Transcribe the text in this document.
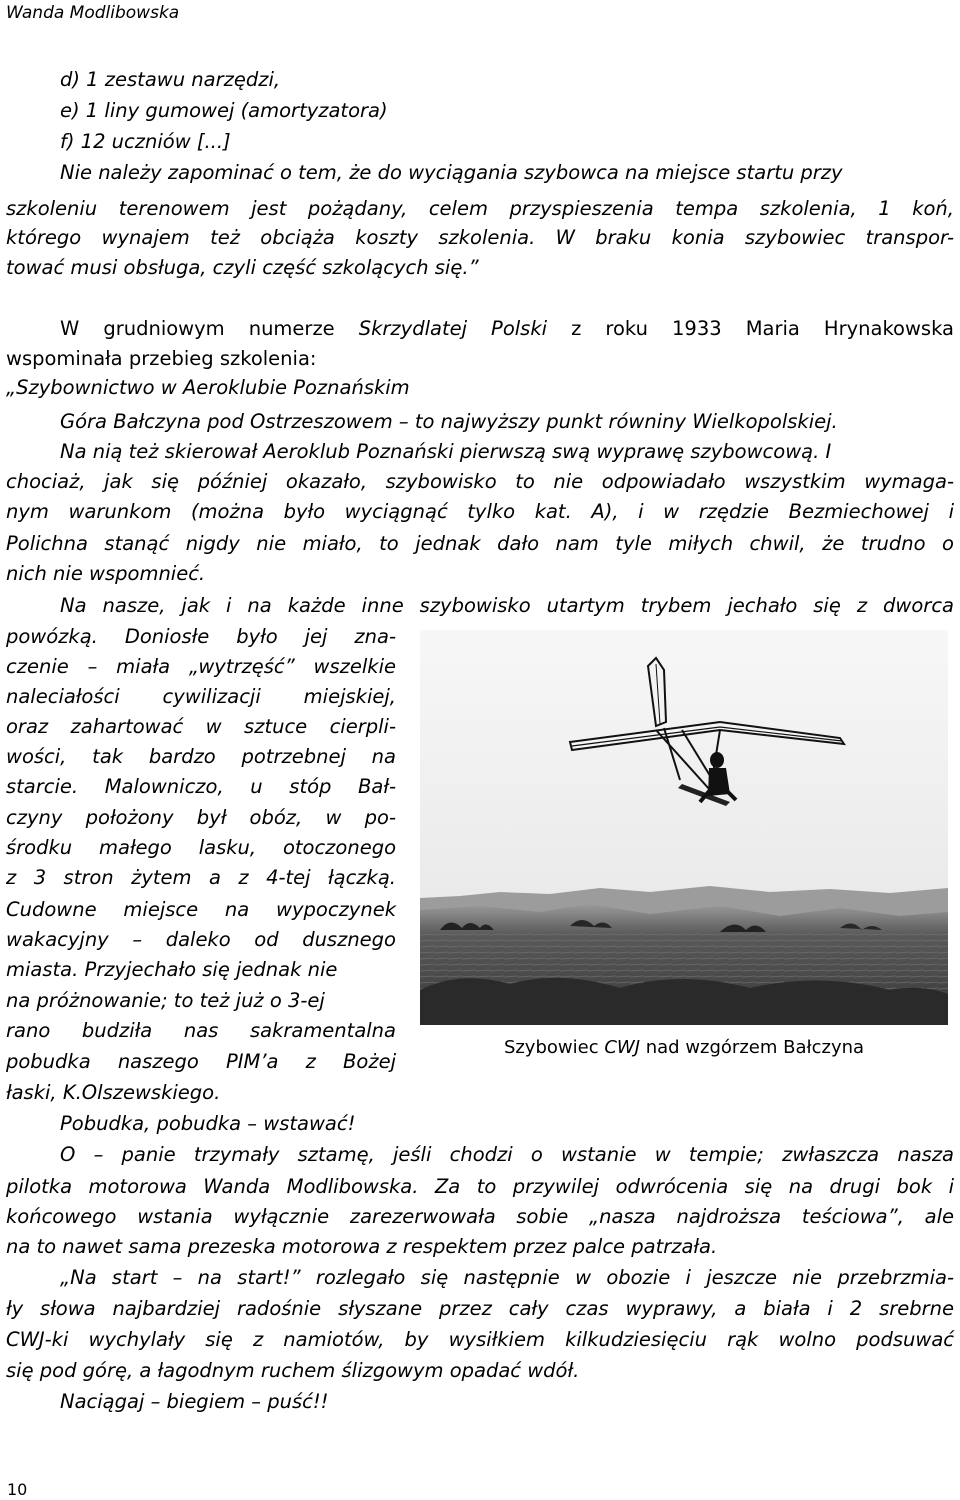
Wanda Modlibowska
d) 1 zestawu narzędzi,
e) 1 liny gumowej (amortyzatora)
f) 12 uczniów [...]
Nie należy zapominać o tem, że do wyciągania szybowca na miejsce startu przy
szkoleniu terenowem jest pożądany, celem przyspieszenia tempa szkolenia, 1 koń,
którego wynajem też obciąża koszty szkolenia. W braku konia szybowiec transpor-
tować musi obsługa, czyli część szkolących się.”
W grudniowym numerze Skrzydlatej Polski z roku 1933 Maria Hrynakowska
wspominała przebieg szkolenia:
„Szybownictwo w Aeroklubie Poznańskim
Góra Bałczyna pod Ostrzeszowem – to najwyższy punkt równiny Wielkopolskiej.
Na nią też skierował Aeroklub Poznański pierwszą swą wyprawę szybowcową. I
chociaż, jak się później okazało, szybowisko to nie odpowiadało wszystkim wymaga-
nym warunkom (można było wyciągnąć tylko kat. A), i w rzędzie Bezmiechowej i
Polichna stanąć nigdy nie miało, to jednak dało nam tyle miłych chwil, że trudno o
nich nie wspomnieć.
Na nasze, jak i na każde inne szybowisko utartym trybem jechało się z dworca
powózką. Doniosłe było jej zna-
czenie – miała „wytrzęść” wszelkie
naleciałości cywilizacji miejskiej,
oraz zahartować w sztuce cierpli-
wości, tak bardzo potrzebnej na
starcie. Malowniczo, u stóp Bał-
czyny położony był obóz, w po-
środku małego lasku, otoczonego
z 3 stron żytem a z 4-tej łączką.
Cudowne miejsce na wypoczynek
wakacyjny – daleko od dusznego
miasta. Przyjechało się jednak nie
na próżnowanie; to też już o 3-ej
rano budziła nas sakramentalna
pobudka naszego PIM’a z Bożej
łaski, K.Olszewskiego.
Pobudka, pobudka – wstawać!
O – panie trzymały sztamę, jeśli chodzi o wstanie w tempie; zwłaszcza nasza
pilotka motorowa Wanda Modlibowska. Za to przywilej odwrócenia się na drugi bok i
końcowego wstania wyłącznie zarezerwowała sobie „nasza najdroższa teściowa”, ale
na to nawet sama prezeska motorowa z respektem przez palce patrzała.
„Na start – na start!” rozlegało się następnie w obozie i jeszcze nie przebrzmia-
ły słowa najbardziej radośnie słyszane przez cały czas wyprawy, a biała i 2 srebrne
CWJ-ki wychylały się z namiotów, by wysiłkiem kilkudziesięciu rąk wolno podsuwać
się pod górę, a łagodnym ruchem ślizgowym opadać wdół.
Naciągaj – biegiem – puść!!
Szybowiec CWJ nad wzgórzem Bałczyna
10
